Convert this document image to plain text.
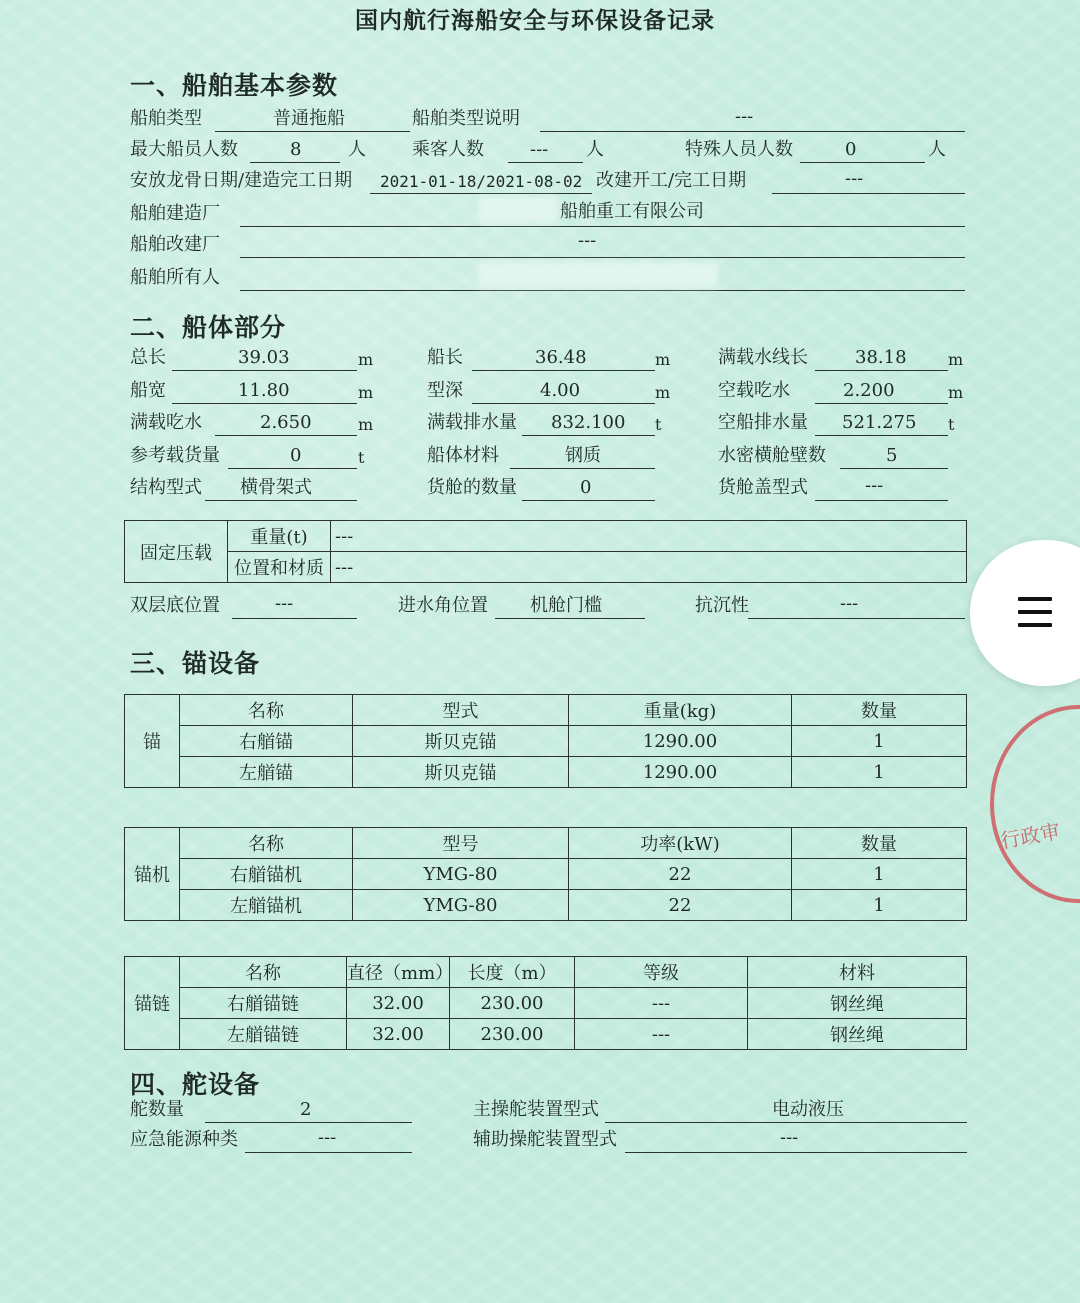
国内航行海船安全与环保设备记录
一、船舶基本参数
船舶类型	普通拖船	船舶类型说明	---
最大船员人数	8	人	乘客人数	--- 人	特殊人员人数	0	人
安放龙骨日期/建造完工日期 2021-01-18/2021-08-02 改建开工/完工日期	---
船舶建造厂	船舶重工有限公司
船舶改建厂	---
船舶所有人
二、船体部分
总长	39.03	m	船长	36.48	m	满载水线长	38.18	m
船宽	11.80	m	型深	4.00	m	空载吃水	2.200	m
满载吃水	2.650	m	满载排水量 832.100 t	空船排水量 521.275 t
参考载货量	0	t	船体材料	钢质	水密横舱壁数	5
结构型式 横骨架式	货舱的数量	0	货舱盖型式	---
固定压载	重量(t)	---
	位置和材质	---
双层底位置	---	进水角位置 机舱门槛	抗沉性	---
三、锚设备
锚	名称	型式	重量(kg)	数量
	右艏锚	斯贝克锚	1290.00	1
	左艏锚	斯贝克锚	1290.00	1
锚机	名称	型号	功率(kW)	数量
	右艏锚机	YMG-80	22	1
	左艏锚机	YMG-80	22	1
锚链	名称	直径（mm）	长度（m）	等级	材料
	右艏锚链	32.00	230.00	---	钢丝绳
	左艏锚链	32.00	230.00	---	钢丝绳
四、舵设备
舵数量	2	主操舵装置型式	电动液压
应急能源种类	---	辅助操舵装置型式	---
行政审
